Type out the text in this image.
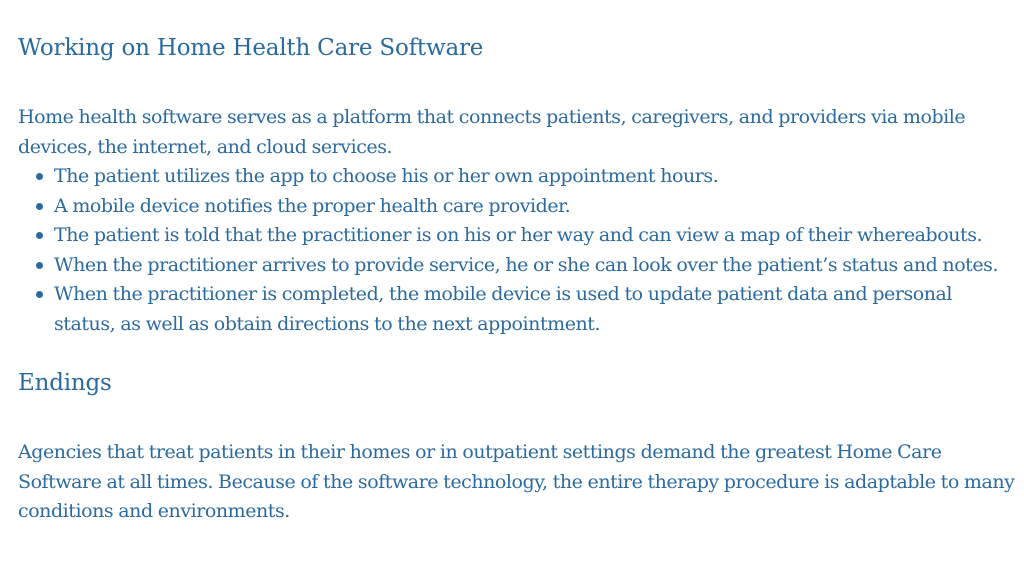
Working on Home Health Care Software

Home health software serves as a platform that connects patients, caregivers, and providers via mobile devices, the internet, and cloud services.

The patient utilizes the app to choose his or her own appointment hours.
A mobile device notifies the proper health care provider.
The patient is told that the practitioner is on his or her way and can view a map of their whereabouts.
When the practitioner arrives to provide service, he or she can look over the patient’s status and notes.
When the practitioner is completed, the mobile device is used to update patient data and personal status, as well as obtain directions to the next appointment.
Endings

Agencies that treat patients in their homes or in outpatient settings demand the greatest Home Care Software at all times. Because of the software technology, the entire therapy procedure is adaptable to many conditions and environments.
